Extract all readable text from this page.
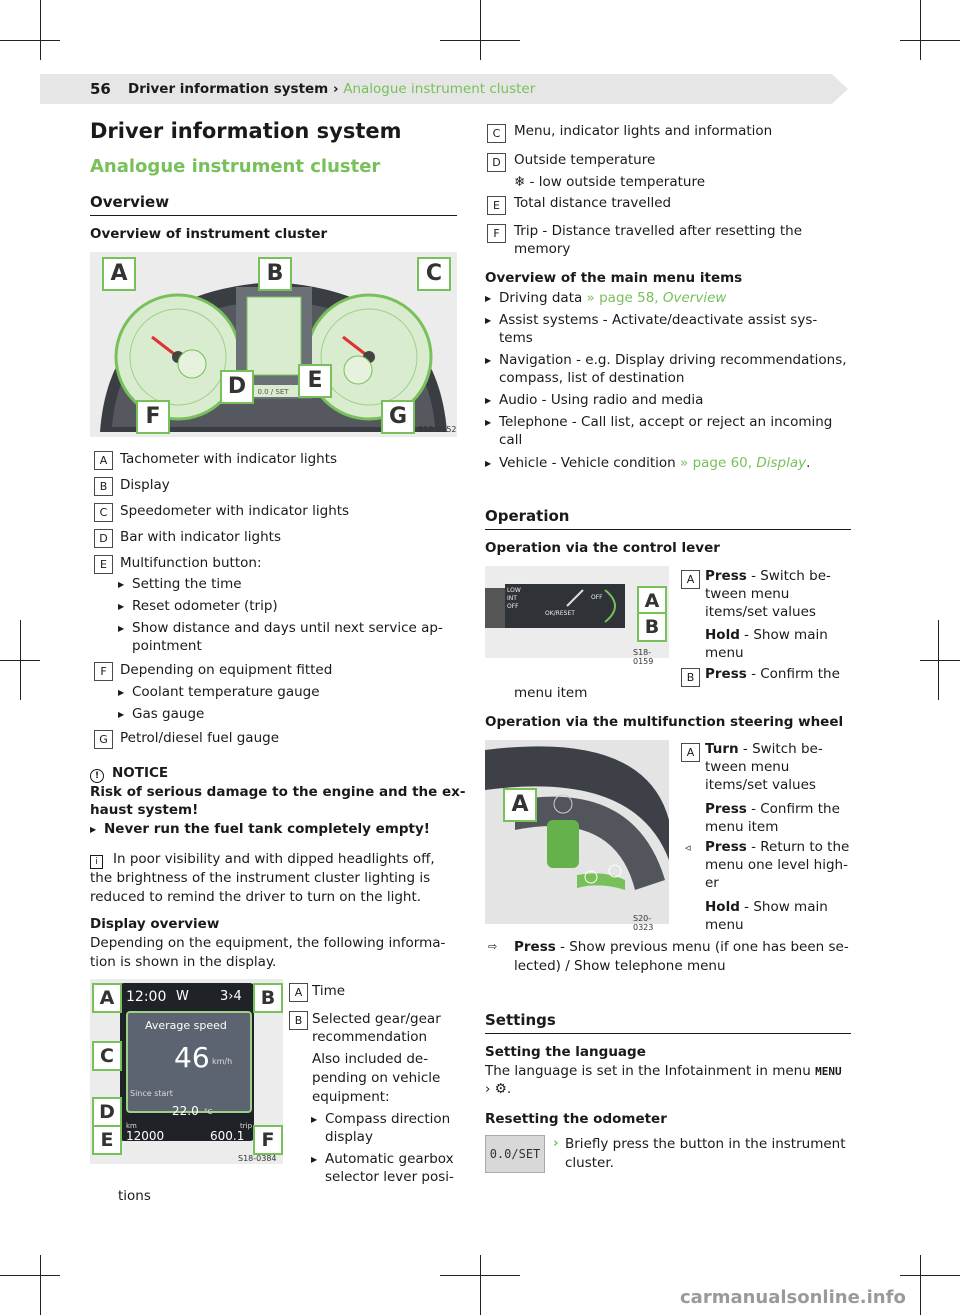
56 Driver information system › Analogue instrument cluster
Driver information system
Analogue instrument cluster
Overview
Overview of instrument cluster
0.0 / SET
A	B	C
D	E
F	G
S18-0152
A Tachometer with indicator lights
B Display
C Speedometer with indicator lights
D Bar with indicator lights
E Multifunction button:
▶ Setting the time
▶ Reset odometer (trip)
▶ Show distance and days until next service ap-
pointment
F Depending on equipment fitted
▶ Coolant temperature gauge
▶ Gas gauge
G Petrol/diesel fuel gauge
! NOTICE
Risk of serious damage to the engine and the ex-
haust system!
▶ Never run the fuel tank completely empty!
i In poor visibility and with dipped headlights off,
the brightness of the instrument cluster lighting is
reduced to remind the driver to turn on the light.
Display overview
Depending on the equipment, the following informa-
tion is shown in the display.
12:00 W 3›4
Average speed
46 km/h
Since start
22.0 °C
km	trip
12000	600.1
A	B
C
D
E	F
S18-0384
A Time
B Selected gear/gear
recommendation
Also included de-
pending on vehicle
equipment:
▶ Compass direction
display
▶ Automatic gearbox
selector lever posi-
tions
C	Menu, indicator lights and information
D Outside temperature
❄ - low outside temperature
E	Total distance travelled
F	Trip - Distance travelled after resetting the
memory
Overview of the main menu items
▶ Driving data » page 58, Overview
▶ Assist systems - Activate/deactivate assist sys-
tems
▶ Navigation - e.g. Display driving recommendations,
compass, list of destination
▶ Audio - Using radio and media
▶ Telephone - Call list, accept or reject an incoming
call
▶ Vehicle - Vehicle condition » page 60, Display.
Operation
Operation via the control lever
HIGH
LOW
INT
OFF
OK/RESET
OFF	A
B
S18-0159
A Press - Switch be-
tween menu
items/set values
Hold - Show main
menu
B Press - Confirm the
menu item
Operation via the multifunction steering wheel
A
S20-0323
A Turn - Switch be-
tween menu
items/set values
Press - Confirm the
menu item
◃ Press - Return to the
menu one level high-
er
Hold - Show main
menu
⇨ Press - Show previous menu (if one has been se-
lected) / Show telephone menu
Settings
Setting the language
The language is set in the Infotainment in menu MENU
› ⚙.
Resetting the odometer
0.0/SET
› Briefly press the button in the instrument
cluster.
carmanualsonline.info
